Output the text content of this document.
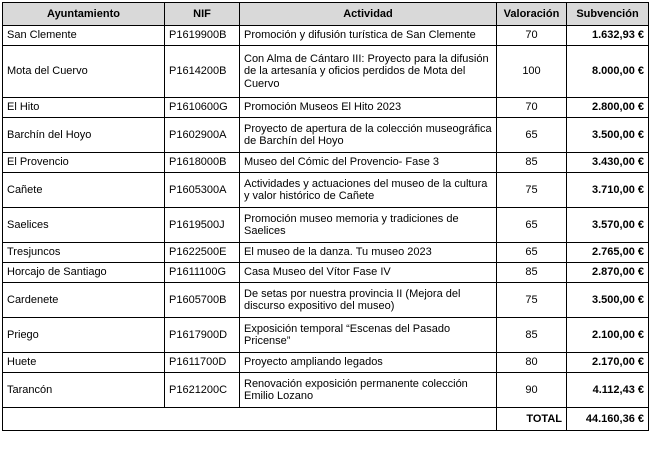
Ayuntamiento	NIF	Actividad	Valoración	Subvención
San Clemente	P1619900B	Promoción y difusión turística de San Clemente	70	1.632,93 €
Mota del Cuervo	P1614200B	Con Alma de Cántaro III: Proyecto para la difusión de la artesanía y oficios perdidos de Mota del Cuervo	100	8.000,00 €
El Hito	P1610600G	Promoción Museos El Hito 2023	70	2.800,00 €
Barchín del Hoyo	P1602900A	Proyecto de apertura de la colección museográfica de Barchín del Hoyo	65	3.500,00 €
El Provencio	P1618000B	Museo del Cómic del Provencio- Fase 3	85	3.430,00 €
Cañete	P1605300A	Actividades y actuaciones del museo de la cultura y valor histórico de Cañete	75	3.710,00 €
Saelices	P1619500J	Promoción museo memoria y tradiciones de Saelices	65	3.570,00 €
Tresjuncos	P1622500E	El museo de la danza. Tu museo 2023	65	2.765,00 €
Horcajo de Santiago	P1611100G	Casa Museo del Vítor Fase IV	85	2.870,00 €
Cardenete	P1605700B	De setas por nuestra provincia II (Mejora del discurso expositivo del museo)	75	3.500,00 €
Priego	P1617900D	Exposición temporal “Escenas del Pasado Pricense”	85	2.100,00 €
Huete	P1611700D	Proyecto ampliando legados	80	2.170,00 €
Tarancón	P1621200C	Renovación exposición permanente colección Emilio Lozano	90	4.112,43 €
			TOTAL	44.160,36 €
